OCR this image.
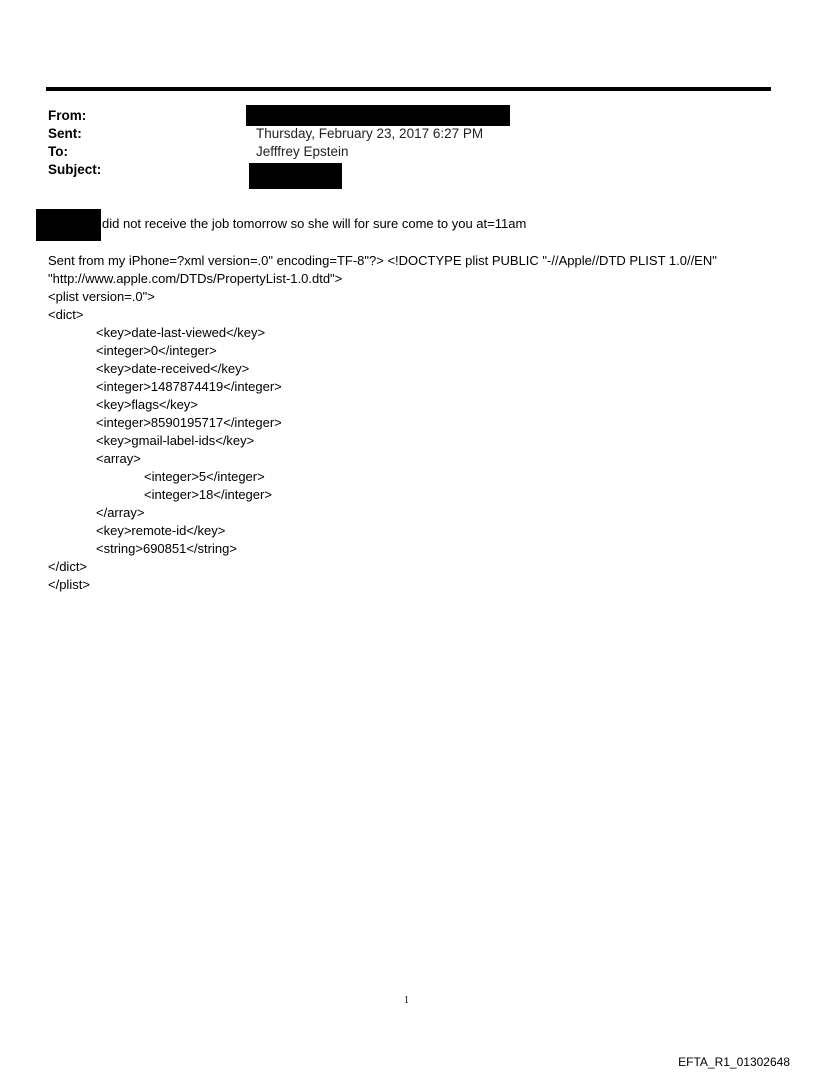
From:
Sent:
To:
Subject:
Thursday, February 23, 2017 6:27 PM
Jefffrey Epstein
did not receive the job tomorrow so she will for sure come to you at=11am
Sent from my iPhone=?xml version=.0" encoding=TF-8"?> <!DOCTYPE plist PUBLIC "-//Apple//DTD PLIST 1.0//EN"
"http://www.apple.com/DTDs/PropertyList-1.0.dtd">
<plist version=.0">
<dict>
<key>date-last-viewed</key>
<integer>0</integer>
<key>date-received</key>
<integer>1487874419</integer>
<key>flags</key>
<integer>8590195717</integer>
<key>gmail-label-ids</key>
<array>
<integer>5</integer>
<integer>18</integer>
</array>
<key>remote-id</key>
<string>690851</string>
</dict>
</plist>
1
EFTA_R1_01302648
